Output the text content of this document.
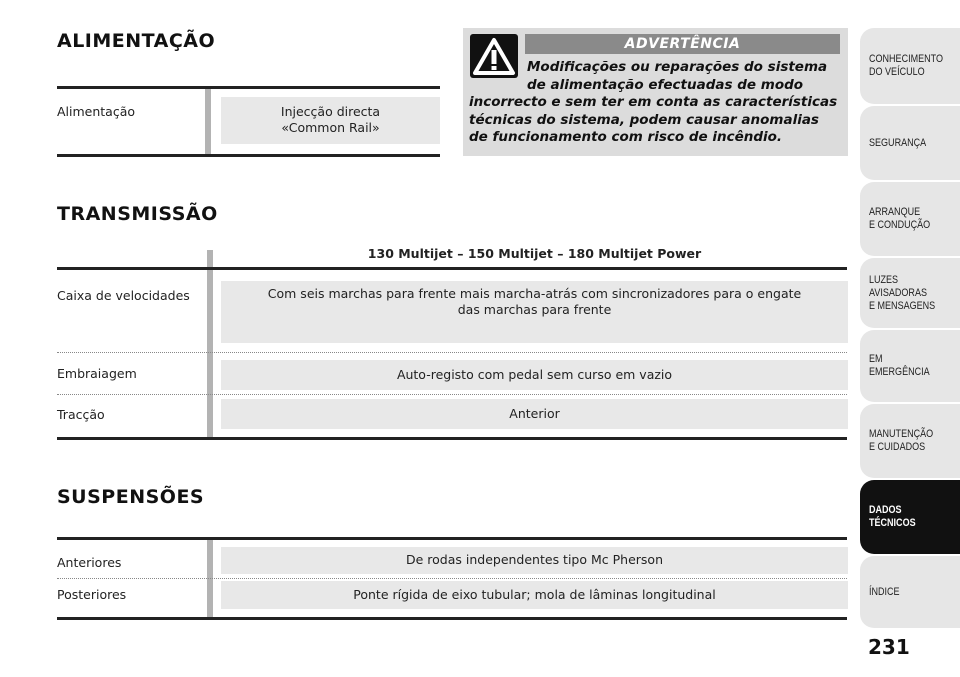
ALIMENTAÇÃO
Alimentação	Injecção directa
«Common Rail»
ADVERTÊNCIA
Modificações ou reparações do sistema
de alimentação efectuadas de modo
incorrecto e sem ter em conta as características
técnicas do sistema, podem causar anomalias
de funcionamento com risco de incêndio.
TRANSMISSÃO
130 Multijet – 150 Multijet – 180 Multijet Power
Caixa de velocidades	Com seis marchas para frente mais marcha-atrás com sincronizadores para o engate
das marchas para frente
Embraiagem	Auto-registo com pedal sem curso em vazio
Tracção	Anterior
SUSPENSÕES
Anteriores	De rodas independentes tipo Mc Pherson
Posteriores	Ponte rígida de eixo tubular; mola de lâminas longitudinal
CONHECIMENTO
DO VEÍCULO
SEGURANÇA
ARRANQUE
E CONDUÇÃO
LUZES
AVISADORAS
E MENSAGENS
EM EMERGÊNCIA
MANUTENÇÃO
E CUIDADOS
DADOS
TÉCNICOS
ÍNDICE
231
